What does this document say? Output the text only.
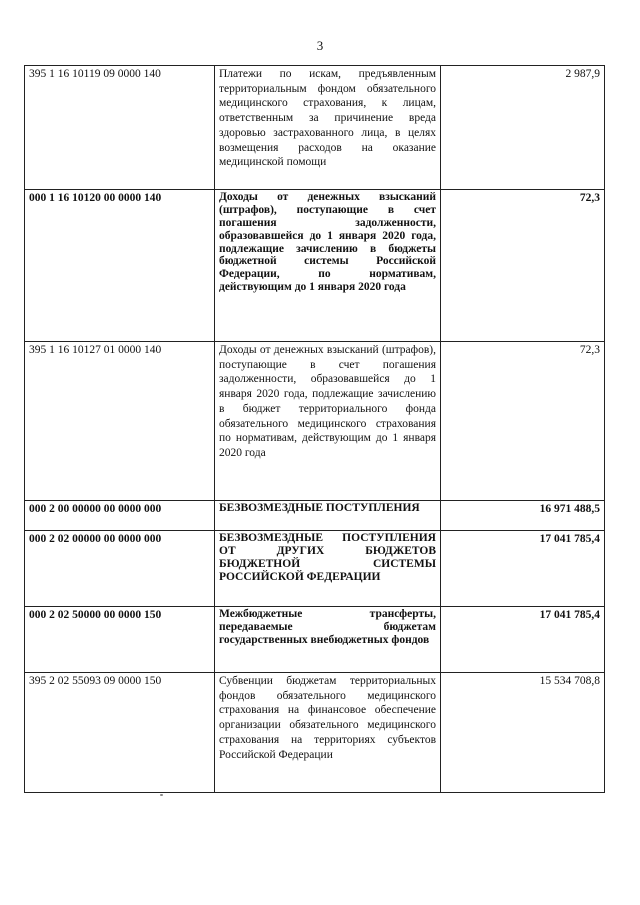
3
395 1 16 10119 09 0000 140	Платежи по искам, предъявленным территориальным фондом обязательного медицинского страхования, к лицам, ответственным за причинение вреда здоровью застрахованного лица, в целях возмещения расходов на оказание медицинской помощи	2 987,9
000 1 16 10120 00 0000 140	Доходы от денежных взысканий (штрафов), поступающие в счет погашения задолженности, образовавшейся до 1 января 2020 года, подлежащие зачислению в бюджеты бюджетной системы Российской Федерации, по нормативам, действующим до 1 января 2020 года	72,3
395 1 16 10127 01 0000 140	Доходы от денежных взысканий (штрафов), поступающие в счет погашения задолженности, образовавшейся до 1 января 2020 года, подлежащие зачислению в бюджет территориального фонда обязательного медицинского страхования по нормативам, действующим до 1 января 2020 года	72,3
000 2 00 00000 00 0000 000	БЕЗВОЗМЕЗДНЫЕ ПОСТУПЛЕНИЯ	16 971 488,5
000 2 02 00000 00 0000 000	БЕЗВОЗМЕЗДНЫЕ ПОСТУПЛЕНИЯ ОТ ДРУГИХ БЮДЖЕТОВ БЮДЖЕТНОЙ СИСТЕМЫ РОССИЙСКОЙ ФЕДЕРАЦИИ	17 041 785,4
000 2 02 50000 00 0000 150	Межбюджетные трансферты, передаваемые бюджетам государственных внебюджетных фондов	17 041 785,4
395 2 02 55093 09 0000 150	Субвенции бюджетам территориальных фондов обязательного медицинского страхования на финансовое обеспечение организации обязательного медицинского страхования на территориях субъектов Российской Федерации	15 534 708,8
